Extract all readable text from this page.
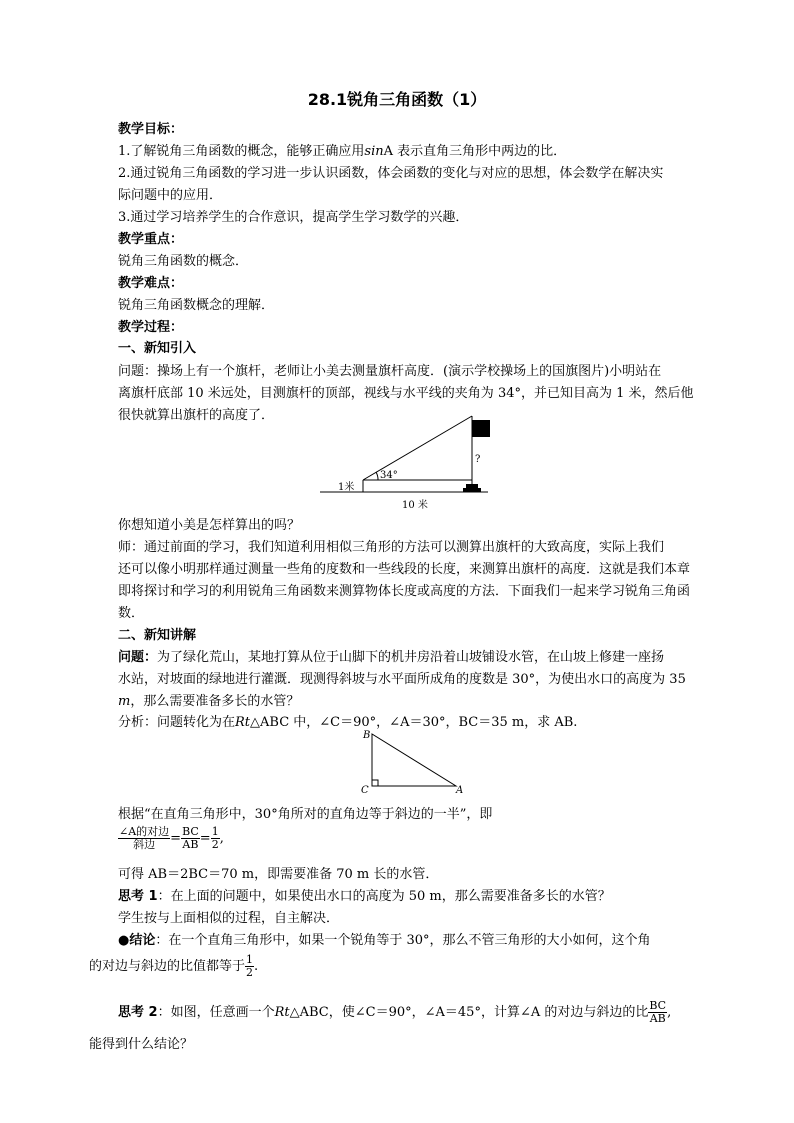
28.1锐角三角函数（1）
教学目标：
1.了解锐角三角函数的概念，能够正确应用sinA 表示直角三角形中两边的比．
2.通过锐角三角函数的学习进一步认识函数，体会函数的变化与对应的思想，体会数学在解决实
际问题中的应用．
3.通过学习培养学生的合作意识，提高学生学习数学的兴趣．
教学重点：
锐角三角函数的概念．
教学难点：
锐角三角函数概念的理解．
教学过程：
一、新知引入
问题：操场上有一个旗杆，老师让小美去测量旗杆高度．(演示学校操场上的国旗图片)小明站在
离旗杆底部 10 米远处，目测旗杆的顶部，视线与水平线的夹角为 34°，并已知目高为 1 米，然后他
很快就算出旗杆的高度了．
1米
34°
?
10 米
你想知道小美是怎样算出的吗？
师：通过前面的学习，我们知道利用相似三角形的方法可以测算出旗杆的大致高度，实际上我们
还可以像小明那样通过测量一些角的度数和一些线段的长度，来测算出旗杆的高度．这就是我们本章
即将探讨和学习的利用锐角三角函数来测算物体长度或高度的方法．下面我们一起来学习锐角三角函
数．
二、新知讲解
问题：为了绿化荒山，某地打算从位于山脚下的机井房沿着山坡铺设水管，在山坡上修建一座扬
水站，对坡面的绿地进行灌溉．现测得斜坡与水平面所成角的度数是 30°，为使出水口的高度为 35
m，那么需要准备多长的水管？
分析：问题转化为在Rt△ABC 中，∠C＝90°，∠A＝30°，BC＝35 m，求 AB.
B
C	A
根据“在直角三角形中，30°角所对的直角边等于斜边的一半”，即
$\frac{\text{∠A的对边}}{\text{斜边}} = \frac{BC}{AB} = \frac{1}{2}$ ,
可得 AB＝2BC＝70 m，即需要准备 70 m 长的水管．
思考 1：在上面的问题中，如果使出水口的高度为 50 m，那么需要准备多长的水管？
学生按与上面相似的过程，自主解决．
●结论：在一个直角三角形中，如果一个锐角等于 30°，那么不管三角形的大小如何，这个角
的对边与斜边的比值都等于 $\frac{1}{2}$ .
思考 2：如图，任意画一个Rt△ABC，使∠C＝90°，∠A＝45°，计算∠A 的对边与斜边的比 $\frac{BC}{AB}$ ,
能得到什么结论？
